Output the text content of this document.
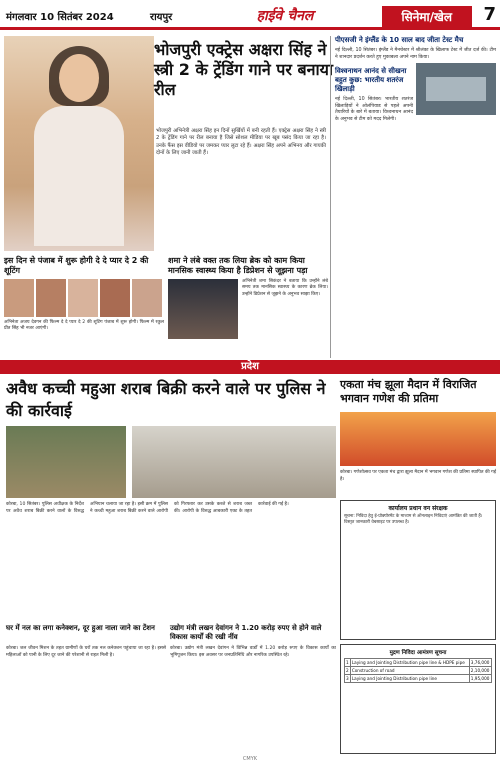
मंगलवार 10 सितंबर 2024	रायपुर	हाईवे चैनल	सिनेमा/खेल	7
भोजपुरी एक्ट्रेस अक्षरा सिंह ने स्त्री 2 के ट्रेंडिंग गाने पर बनाया रील
भोजपुरी अभिनेत्री अक्षरा सिंह इन दिनों सुर्खियों में बनी रहती हैं। एक्ट्रेस अक्षरा सिंह ने स्त्री 2 के ट्रेंडिंग गाने पर रील बनाया है जिसे सोशल मीडिया पर खूब पसंद किया जा रहा है। उनके फैंस इस वीडियो पर जमकर प्यार लुटा रहे हैं। अक्षरा सिंह अपने अभिनय और गायकी दोनों के लिए जानी जाती हैं।
पीएसजी ने इंग्लैंड के 10 साल बाद जीता टेस्ट मैच
नई दिल्ली, 10 सितंबर। इंग्लैंड ने मैनचेस्टर में श्रीलंका के खिलाफ टेस्ट में जीत दर्ज की। टीम ने शानदार प्रदर्शन करते हुए मुकाबला अपने नाम किया।
विश्वनाथन आनंद से सीखना बहुत कुछ: भारतीय शतरंज खिलाड़ी
नई दिल्ली, 10 सितंबर। भारतीय शतरंज खिलाड़ियों ने ओलंपियाड से पहले अपनी तैयारियों के बारे में बताया। विश्वनाथन आनंद के अनुभव से टीम को मदद मिलेगी।
इस दिन से पंजाब में शुरू होगी दे दे प्यार दे 2 की शूटिंग
अभिनेता अजय देवगन की फिल्म दे दे प्यार दे 2 की शूटिंग पंजाब में शुरू होगी। फिल्म में रकुल प्रीत सिंह भी नजर आएंगी।
शमा ने लंबे वक्त तक लिया ब्रेक को काम किया मानसिक स्वास्थ्य किया है डिप्रेशन से जूझना पड़ा
अभिनेत्री शमा सिकंदर ने बताया कि उन्होंने लंबे समय तक मानसिक स्वास्थ्य के कारण ब्रेक लिया। उन्होंने डिप्रेशन से जूझने के अनुभव साझा किए।
प्रदेश
अवैध कच्ची महुआ शराब बिक्री करने वाले पर पुलिस ने की कार्रवाई
कोरबा, 10 सितंबर। पुलिस अधीक्षक के निर्देश पर अवैध शराब बिक्री करने वालों के विरुद्ध अभियान चलाया जा रहा है। इसी क्रम में पुलिस ने कच्ची महुआ शराब बिक्री करने वाले आरोपी को गिरफ्तार कर उसके कब्जे से शराब जब्त की। आरोपी के विरुद्ध आबकारी एक्ट के तहत कार्रवाई की गई है।
घर में नल का लगा कनेक्शन, दूर हुआ नाला जाने का टेंशन
कोरबा। जल जीवन मिशन के तहत ग्रामीणों के घरों तक नल कनेक्शन पहुंचाया जा रहा है। इससे महिलाओं को पानी के लिए दूर जाने की परेशानी से राहत मिली है।
उद्योग मंत्री लखन देवांगन ने 1.20 करोड़ रुपए से होने वाले विकास कार्यों की रखी नींव
कोरबा। उद्योग मंत्री लखन देवांगन ने विभिन्न वार्डों में 1.20 करोड़ रुपए के विकास कार्यों का भूमिपूजन किया। इस अवसर पर जनप्रतिनिधि और नागरिक उपस्थित रहे।
एकता मंच झूला मैदान में विराजित भगवान गणेश की प्रतिमा
कोरबा। गणेशोत्सव पर एकता मंच द्वारा झूला मैदान में भगवान गणेश की प्रतिमा स्थापित की गई है।
कार्यालय प्रधान वन संरक्षक
सूचना: निविदा हेतु ई-प्रोक्योरमेंट के माध्यम से ऑनलाइन निविदाएं आमंत्रित की जाती हैं। विस्तृत जानकारी वेबसाइट पर उपलब्ध है।
मुद्रण निविदा आमंत्रण सूचना
1	Laying and Jointing Distribution pipe line & HDPE pipe	3,76,000
2	Construction of road	2,10,000
3	Laying and Jointing Distribution pipe line	1,95,000
CMYK
